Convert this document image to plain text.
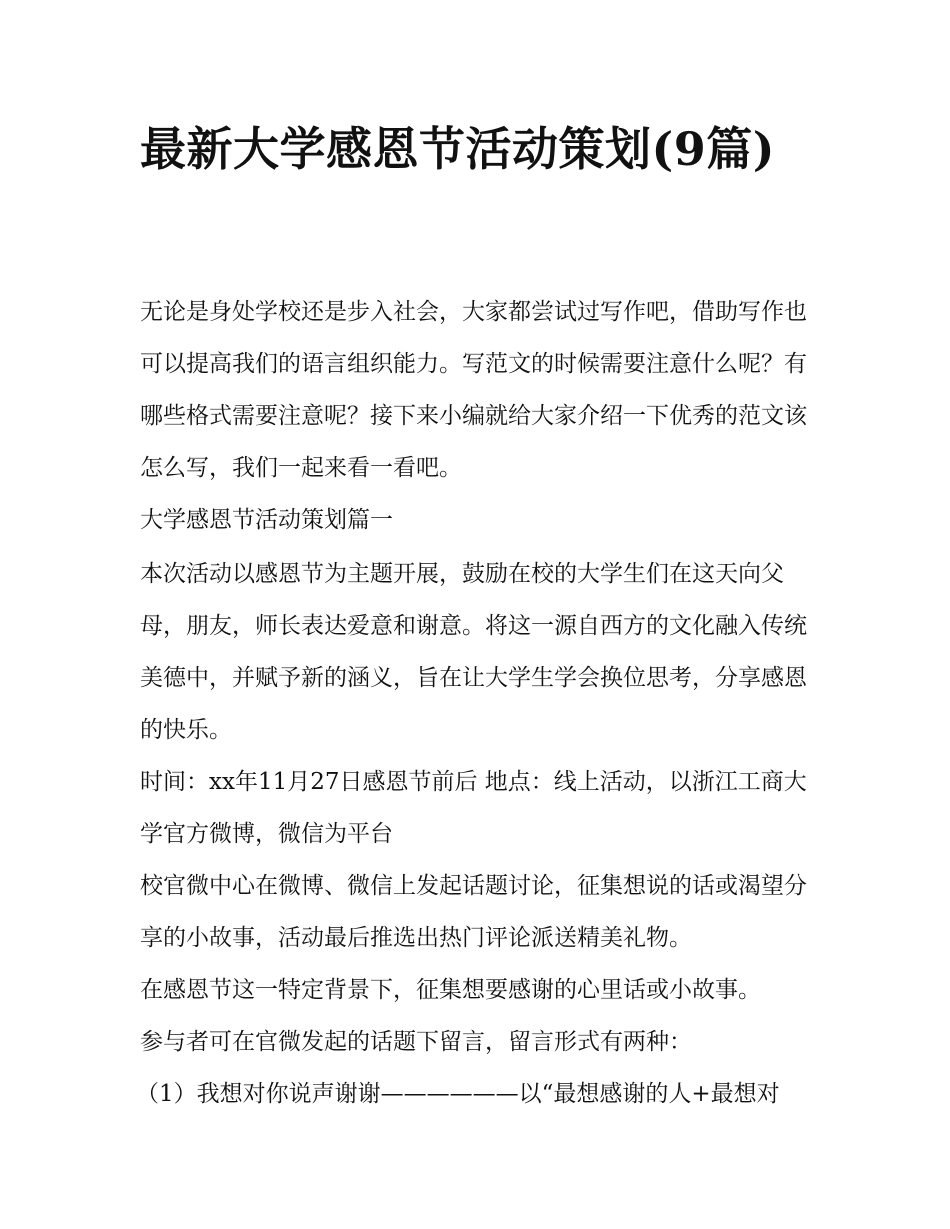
最新大学感恩节活动策划(9篇)

无论是身处学校还是步入社会，大家都尝试过写作吧，借助写作也可以提高我们的语言组织能力。写范文的时候需要注意什么呢？有哪些格式需要注意呢？接下来小编就给大家介绍一下优秀的范文该怎么写，我们一起来看一看吧。

大学感恩节活动策划篇一

本次活动以感恩节为主题开展，鼓励在校的大学生们在这天向父母，朋友，师长表达爱意和谢意。将这一源自西方的文化融入传统美德中，并赋予新的涵义，旨在让大学生学会换位思考，分享感恩的快乐。

时间：xx年11月27日感恩节前后 地点：线上活动，以浙江工商大学官方微博，微信为平台

校官微中心在微博、微信上发起话题讨论，征集想说的话或渴望分享的小故事，活动最后推选出热门评论派送精美礼物。

在感恩节这一特定背景下，征集想要感谢的心里话或小故事。

参与者可在官微发起的话题下留言，留言形式有两种：

（1）我想对你说声谢谢——————以“最想感谢的人+最想对
